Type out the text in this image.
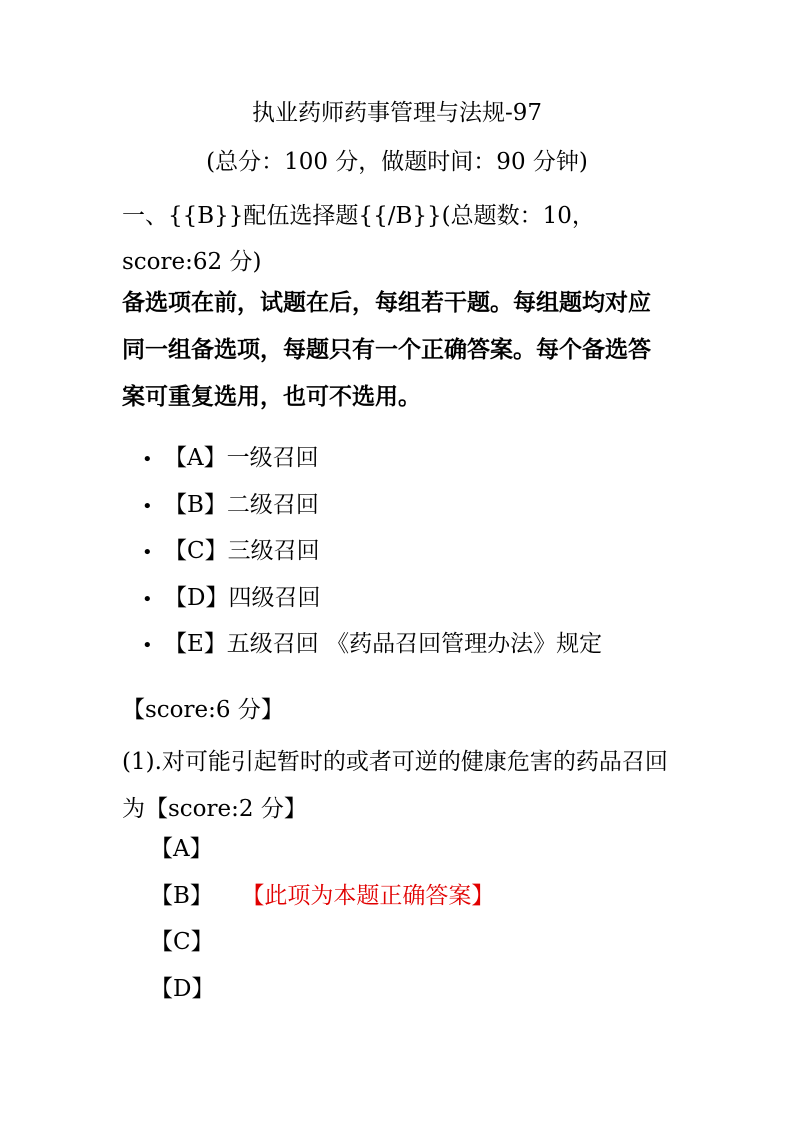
执业药师药事管理与法规-97
(总分：100 分，做题时间：90 分钟)
一、{{B}}配伍选择题{{/B}}(总题数：10，score:62 分)
备选项在前，试题在后，每组若干题。每组题均对应同一组备选项，每题只有一个正确答案。每个备选答案可重复选用，也可不选用。
• 【A】一级召回
• 【B】二级召回
• 【C】三级召回
• 【D】四级召回
• 【E】五级召回 《药品召回管理办法》规定
【score:6 分】
(1).对可能引起暂时的或者可逆的健康危害的药品召回为【score:2 分】
【A】
【B】 【此项为本题正确答案】
【C】
【D】
